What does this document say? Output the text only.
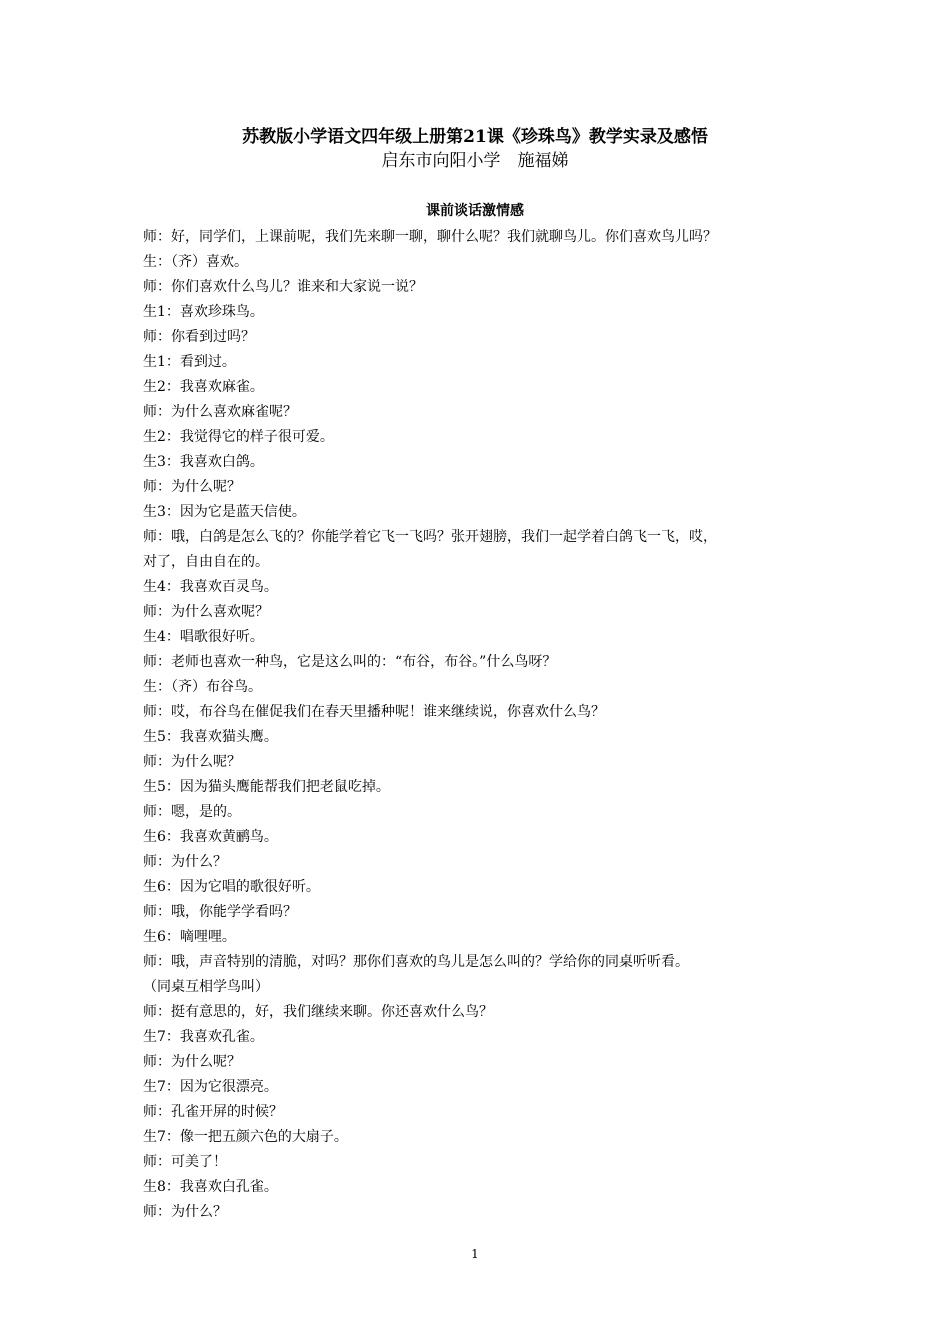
苏教版小学语文四年级上册第21课《珍珠鸟》教学实录及感悟
启东市向阳小学　施福娣
课前谈话激情感
师：好，同学们，上课前呢，我们先来聊一聊，聊什么呢？我们就聊鸟儿。你们喜欢鸟儿吗？
生：（齐）喜欢。
师：你们喜欢什么鸟儿？谁来和大家说一说？
生1：喜欢珍珠鸟。
师：你看到过吗？
生1：看到过。
生2：我喜欢麻雀。
师：为什么喜欢麻雀呢？
生2：我觉得它的样子很可爱。
生3：我喜欢白鸽。
师：为什么呢？
生3：因为它是蓝天信使。
师：哦，白鸽是怎么飞的？你能学着它飞一飞吗？张开翅膀，我们一起学着白鸽飞一飞，哎，
对了，自由自在的。
生4：我喜欢百灵鸟。
师：为什么喜欢呢？
生4：唱歌很好听。
师：老师也喜欢一种鸟，它是这么叫的：“布谷，布谷。”什么鸟呀？
生：（齐）布谷鸟。
师：哎，布谷鸟在催促我们在春天里播种呢！谁来继续说，你喜欢什么鸟？
生5：我喜欢猫头鹰。
师：为什么呢？
生5：因为猫头鹰能帮我们把老鼠吃掉。
师：嗯，是的。
生6：我喜欢黄鹂鸟。
师：为什么？
生6：因为它唱的歌很好听。
师：哦，你能学学看吗？
生6：嘀哩哩。
师：哦，声音特别的清脆，对吗？那你们喜欢的鸟儿是怎么叫的？学给你的同桌听听看。
（同桌互相学鸟叫）
师：挺有意思的，好，我们继续来聊。你还喜欢什么鸟？
生7：我喜欢孔雀。
师：为什么呢？
生7：因为它很漂亮。
师：孔雀开屏的时候？
生7：像一把五颜六色的大扇子。
师：可美了！
生8：我喜欢白孔雀。
师：为什么？
1
